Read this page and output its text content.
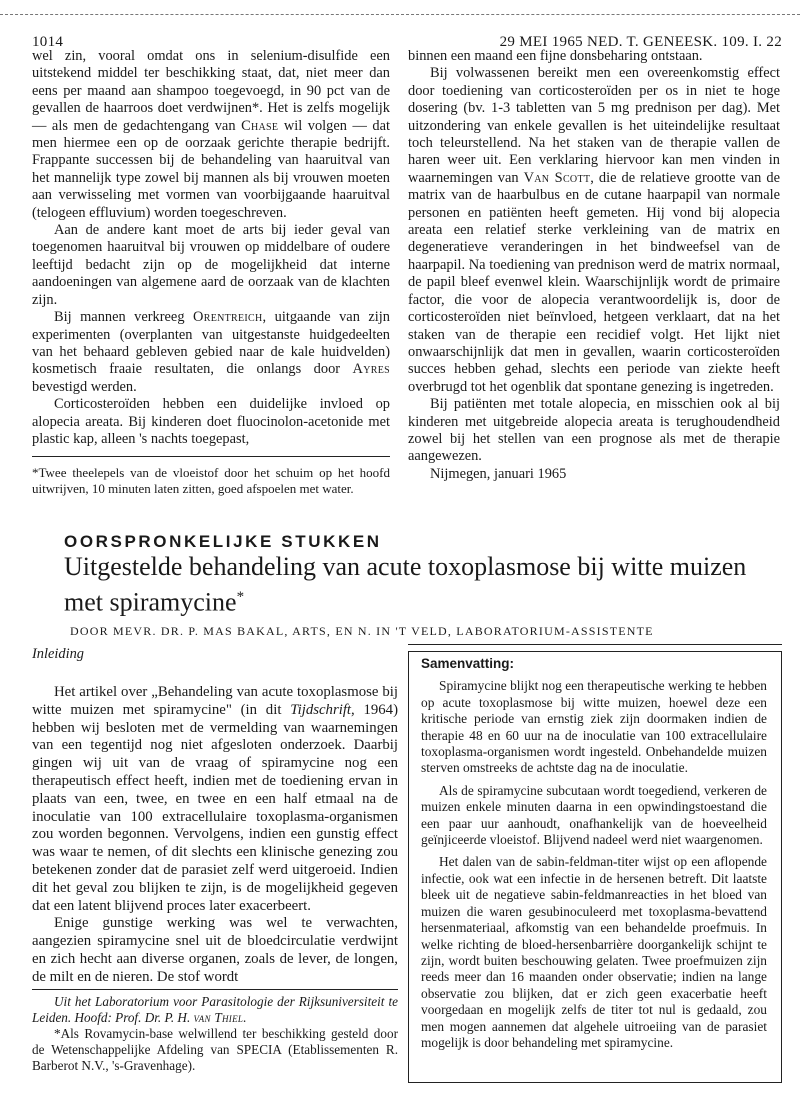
1014	29 MEI 1965 NED. T. GENEESK. 109. I. 22

wel zin, vooral omdat ons in selenium-disulfide een uitstekend middel ter beschikking staat, dat, niet meer dan eens per maand aan shampoo toegevoegd, in 90 pct van de gevallen de haarroos doet verdwijnen*. Het is zelfs mogelijk — als men de gedachtengang van Chase wil volgen — dat men hiermee een op de oorzaak gerichte therapie bedrijft. Frappante successen bij de behandeling van haaruitval van het mannelijk type zowel bij mannen als bij vrouwen moeten aan verwisseling met vormen van voorbijgaande haaruitval (telogeen effluvium) worden toegeschreven.

Aan de andere kant moet de arts bij ieder geval van toegenomen haaruitval bij vrouwen op middelbare of oudere leeftijd bedacht zijn op de mogelijkheid dat interne aandoeningen van algemene aard de oorzaak van de klachten zijn.

Bij mannen verkreeg Orentreich, uitgaande van zijn experimenten (overplanten van uitgestanste huidgedeelten van het behaard gebleven gebied naar de kale huidvelden) kosmetisch fraaie resultaten, die onlangs door Ayres bevestigd werden.

Corticosteroïden hebben een duidelijke invloed op alopecia areata. Bij kinderen doet fluocinolon-acetonide met plastic kap, alleen 's nachts toegepast,

*Twee theelepels van de vloeistof door het schuim op het hoofd uitwrijven, 10 minuten laten zitten, goed afspoelen met water.

binnen een maand een fijne donsbeharing ontstaan.

Bij volwassenen bereikt men een overeenkomstig effect door toediening van corticosteroïden per os in niet te hoge dosering (bv. 1-3 tabletten van 5 mg prednison per dag). Met uitzondering van enkele gevallen is het uiteindelijke resultaat toch teleurstellend. Na het staken van de therapie vallen de haren weer uit. Een verklaring hiervoor kan men vinden in waarnemingen van Van Scott, die de relatieve grootte van de matrix van de haarbulbus en de cutane haarpapil van normale personen en patiënten heeft gemeten. Hij vond bij alopecia areata een relatief sterke verkleining van de matrix en degeneratieve veranderingen in het bindweefsel van de haarpapil. Na toediening van prednison werd de matrix normaal, de papil bleef evenwel klein. Waarschijnlijk wordt de primaire factor, die voor de alopecia verantwoordelijk is, door de corticosteroïden niet beïnvloed, hetgeen verklaart, dat na het staken van de therapie een recidief volgt. Het lijkt niet onwaarschijnlijk dat men in gevallen, waarin corticosteroïden succes hebben gehad, slechts een periode van ziekte heeft overbrugd tot het ogenblik dat spontane genezing is ingetreden.

Bij patiënten met totale alopecia, en misschien ook al bij kinderen met uitgebreide alopecia areata is terughoudendheid zowel bij het stellen van een prognose als met de therapie aangewezen.

Nijmegen, januari 1965

OORSPRONKELIJKE STUKKEN
Uitgestelde behandeling van acute toxoplasmose bij witte muizen met spiramycine*
DOOR MEVR. DR. P. MAS BAKAL, ARTS, EN N. IN 'T VELD, LABORATORIUM-ASSISTENTE
Inleiding

Het artikel over „Behandeling van acute toxoplasmose bij witte muizen met spiramycine" (in dit Tijdschrift, 1964) hebben wij besloten met de vermelding van waarnemingen van een tegentijd nog niet afgesloten onderzoek. Daarbij gingen wij uit van de vraag of spiramycine nog een therapeutisch effect heeft, indien met de toediening ervan in plaats van een, twee, en twee en een half etmaal na de inoculatie van 100 extracellulaire toxoplasma-organismen zou worden begonnen. Vervolgens, indien een gunstig effect was waar te nemen, of dit slechts een klinische genezing zou betekenen zonder dat de parasiet zelf werd uitgeroeid. Indien dit het geval zou blijken te zijn, is de mogelijkheid gegeven dat een latent blijvend proces later exacerbeert.

Enige gunstige werking was wel te verwachten, aangezien spiramycine snel uit de bloedcirculatie verdwijnt en zich hecht aan diverse organen, zoals de lever, de longen, de milt en de nieren. De stof wordt

Uit het Laboratorium voor Parasitologie der Rijksuniversiteit te Leiden. Hoofd: Prof. Dr. P. H. van Thiel.

*Als Rovamycin-base welwillend ter beschikking gesteld door de Wetenschappelijke Afdeling van SPECIA (Etablissementen R. Barberot N.V., 's-Gravenhage).

Samenvatting:

Spiramycine blijkt nog een therapeutische werking te hebben op acute toxoplasmose bij witte muizen, hoewel deze een kritische periode van ernstig ziek zijn doormaken indien de therapie 48 en 60 uur na de inoculatie van 100 extracellulaire toxoplasma-organismen wordt ingesteld. Onbehandelde muizen sterven omstreeks de achtste dag na de inoculatie.

Als de spiramycine subcutaan wordt toegediend, verkeren de muizen enkele minuten daarna in een opwindingstoestand die een paar uur aanhoudt, onafhankelijk van de hoeveelheid geïnjiceerde vloeistof. Blijvend nadeel werd niet waargenomen.

Het dalen van de sabin-feldman-titer wijst op een aflopende infectie, ook wat een infectie in de hersenen betreft. Dit laatste bleek uit de negatieve sabin-feldmanreacties in het bloed van muizen die waren gesubinoculeerd met toxoplasma-bevattend hersenmateriaal, afkomstig van een behandelde proefmuis. In welke richting de bloed-hersenbarrière doorgankelijk schijnt te zijn, wordt buiten beschouwing gelaten. Twee proefmuizen zijn reeds meer dan 16 maanden onder observatie; indien na lange observatie zou blijken, dat er zich geen exacerbatie heeft voorgedaan en mogelijk zelfs de titer tot nul is gedaald, zou men mogen aannemen dat algehele uitroeiing van de parasiet mogelijk is door behandeling met spiramycine.
